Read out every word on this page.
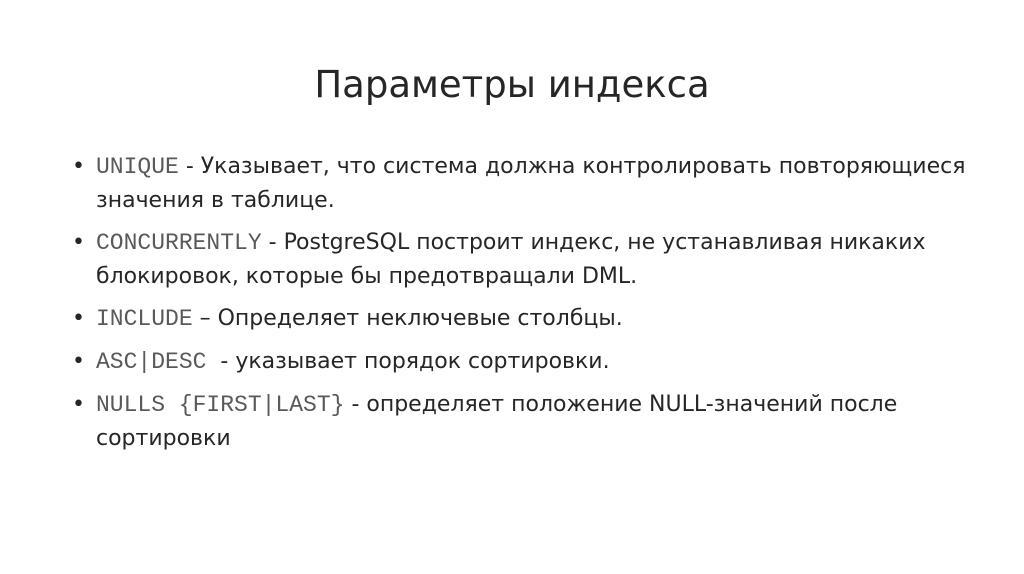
Параметры индекса
• UNIQUE - Указывает, что система должна контролировать повторяющиеся значения в таблице.
• CONCURRENTLY - PostgreSQL построит индекс, не устанавливая никаких блокировок, которые бы предотвращали DML.
• INCLUDE – Определяет неключевые столбцы.
• ASC|DESC  - указывает порядок сортировки.
• NULLS {FIRST|LAST} - определяет положение NULL-значений после сортировки
